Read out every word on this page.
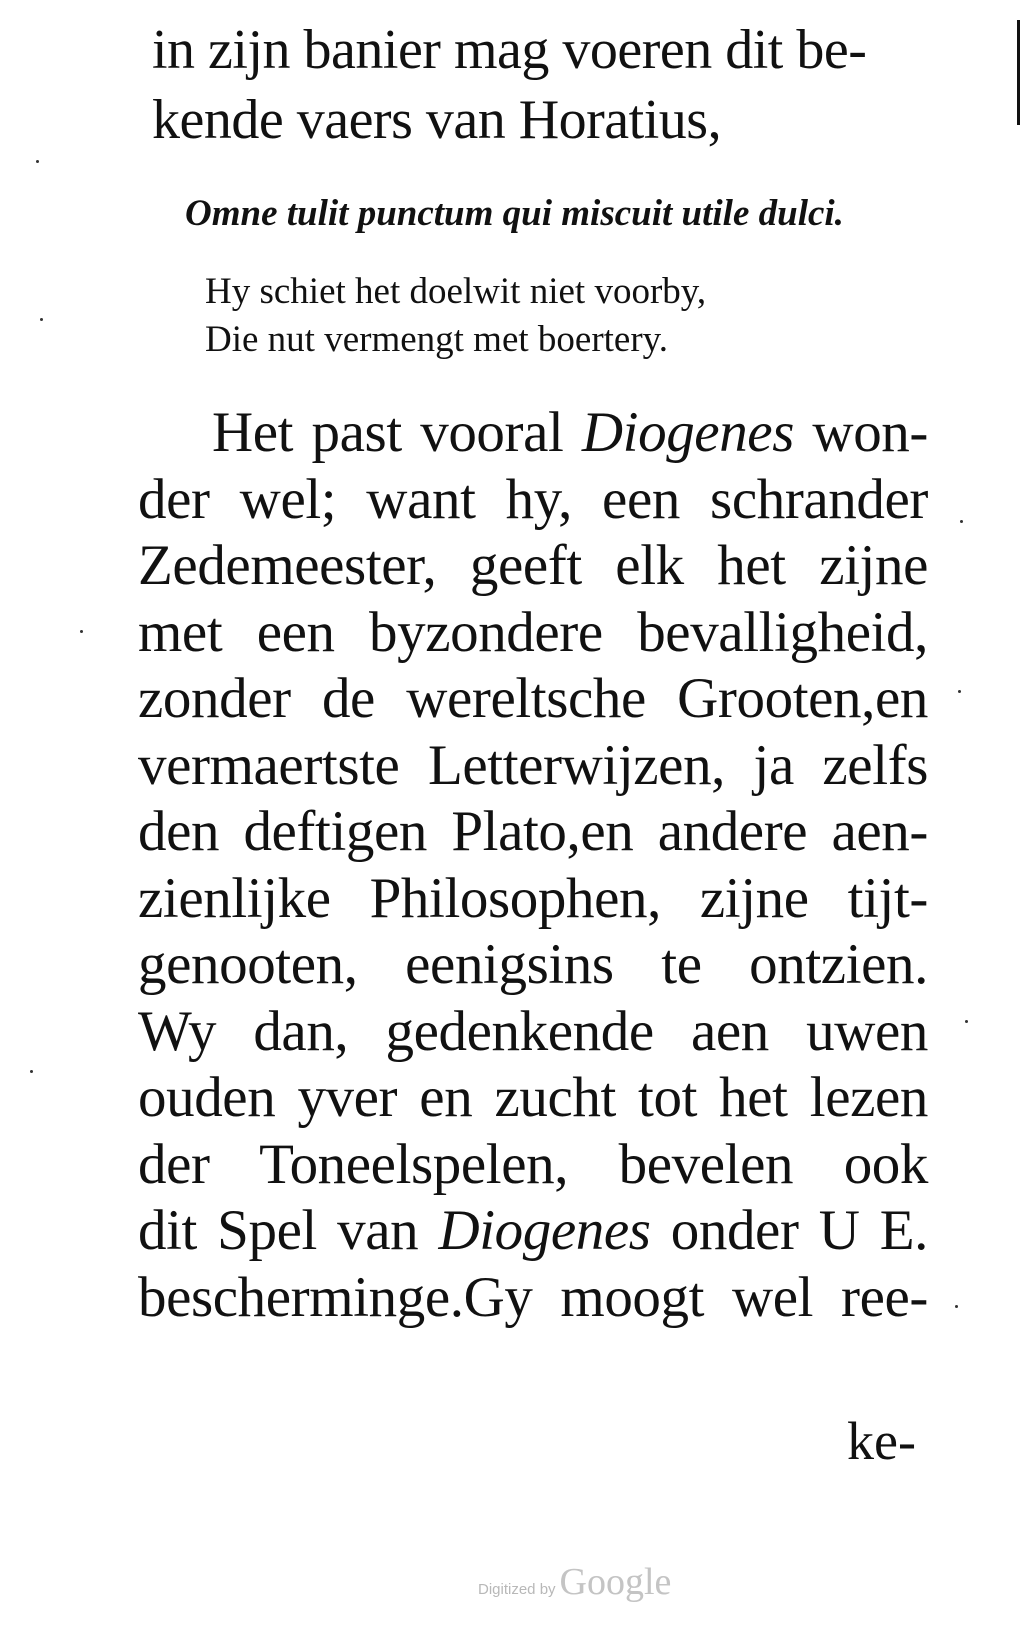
in zijn banier mag voeren dit be-
kende vaers van Horatius,
Omne tulit punctum qui miscuit utile dulci.
Hy schiet het doelwit niet voorby,
Die nut vermengt met boertery.
Het past vooral Diogenes won-
der wel; want hy, een schrander
Zedemeester, geeft elk het zijne
met een byzondere bevalligheid,
zonder de wereltsche Grooten,en
vermaertste Letterwijzen, ja zelfs
den deftigen Plato,en andere aen-
zienlijke Philosophen, zijne tijt-
genooten, eenigsins te ontzien.
Wy dan, gedenkende aen uwen
ouden yver en zucht tot het lezen
der Toneelspelen, bevelen ook
dit Spel van Diogenes onder U E.
bescherminge.Gy moogt wel ree-
ke-
Digitized by Google
